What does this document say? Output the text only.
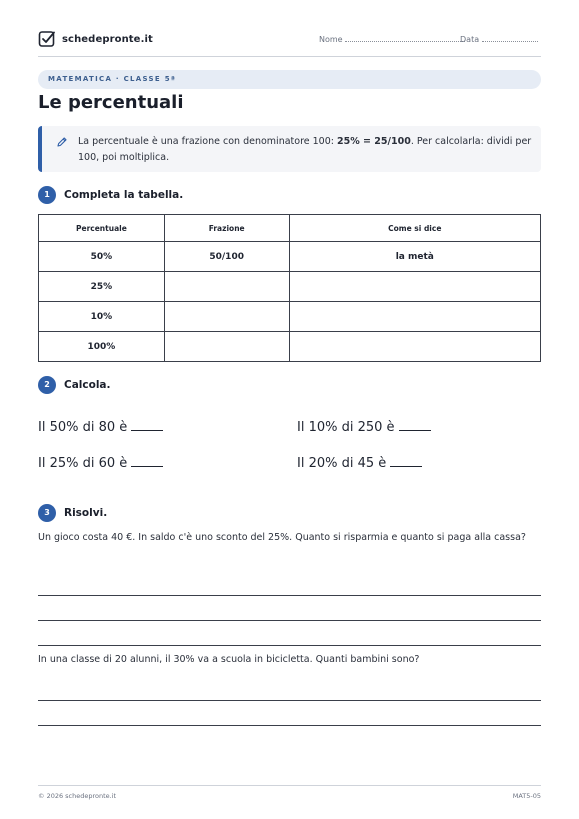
schedepronte.it	Nome	Data
MATEMATICA · CLASSE 5ª
Le percentuali
La percentuale è una frazione con denominatore 100: 25% = 25/100. Per calcolarla: dividi per 100, poi moltiplica.
1	Completa la tabella.
Percentuale	Frazione	Come si dice
50%	50/100	la metà
25%		
10%		
100%		
2	Calcola.
Il 50% di 80 è	Il 10% di 250 è
Il 25% di 60 è	Il 20% di 45 è
3	Risolvi.

Un gioco costa 40 €. In saldo c'è uno sconto del 25%. Quanto si risparmia e quanto si paga alla cassa?

In una classe di 20 alunni, il 30% va a scuola in bicicletta. Quanti bambini sono?

© 2026 schedepronte.it	MAT5-05
